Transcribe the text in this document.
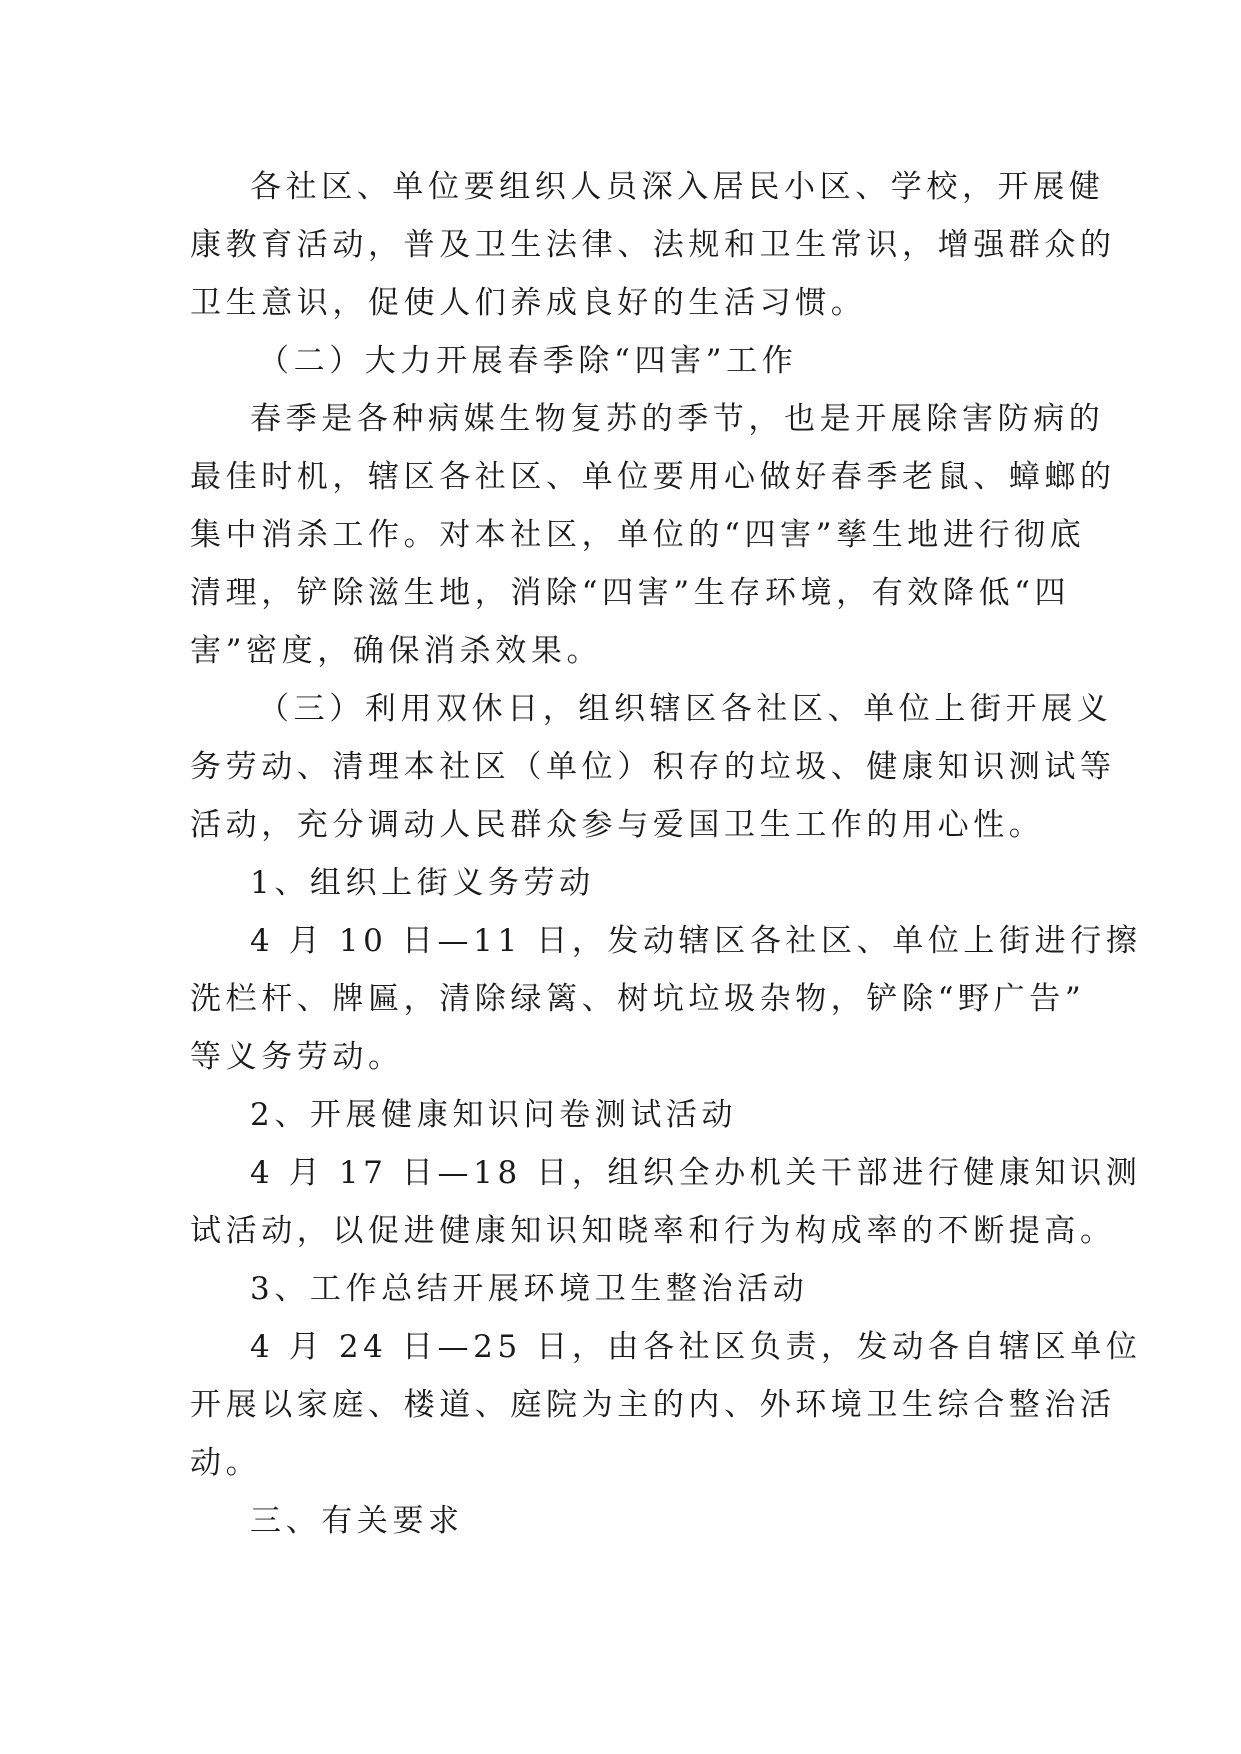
各社区、单位要组织人员深入居民小区、学校，开展健
康教育活动，普及卫生法律、法规和卫生常识，增强群众的
卫生意识，促使人们养成良好的生活习惯。
（二）大力开展春季除“四害”工作
春季是各种病媒生物复苏的季节，也是开展除害防病的
最佳时机，辖区各社区、单位要用心做好春季老鼠、蟑螂的
集中消杀工作。对本社区，单位的“四害”孳生地进行彻底
清理，铲除滋生地，消除“四害”生存环境，有效降低“四
害”密度，确保消杀效果。
（三）利用双休日，组织辖区各社区、单位上街开展义
务劳动、清理本社区（单位）积存的垃圾、健康知识测试等
活动，充分调动人民群众参与爱国卫生工作的用心性。
1、组织上街义务劳动
4 月 10 日—11 日，发动辖区各社区、单位上街进行擦
洗栏杆、牌匾，清除绿篱、树坑垃圾杂物，铲除“野广告”
等义务劳动。
2、开展健康知识问卷测试活动
4 月 17 日—18 日，组织全办机关干部进行健康知识测
试活动，以促进健康知识知晓率和行为构成率的不断提高。
3、工作总结开展环境卫生整治活动
4 月 24 日—25 日，由各社区负责，发动各自辖区单位
开展以家庭、楼道、庭院为主的内、外环境卫生综合整治活
动。
三、有关要求
